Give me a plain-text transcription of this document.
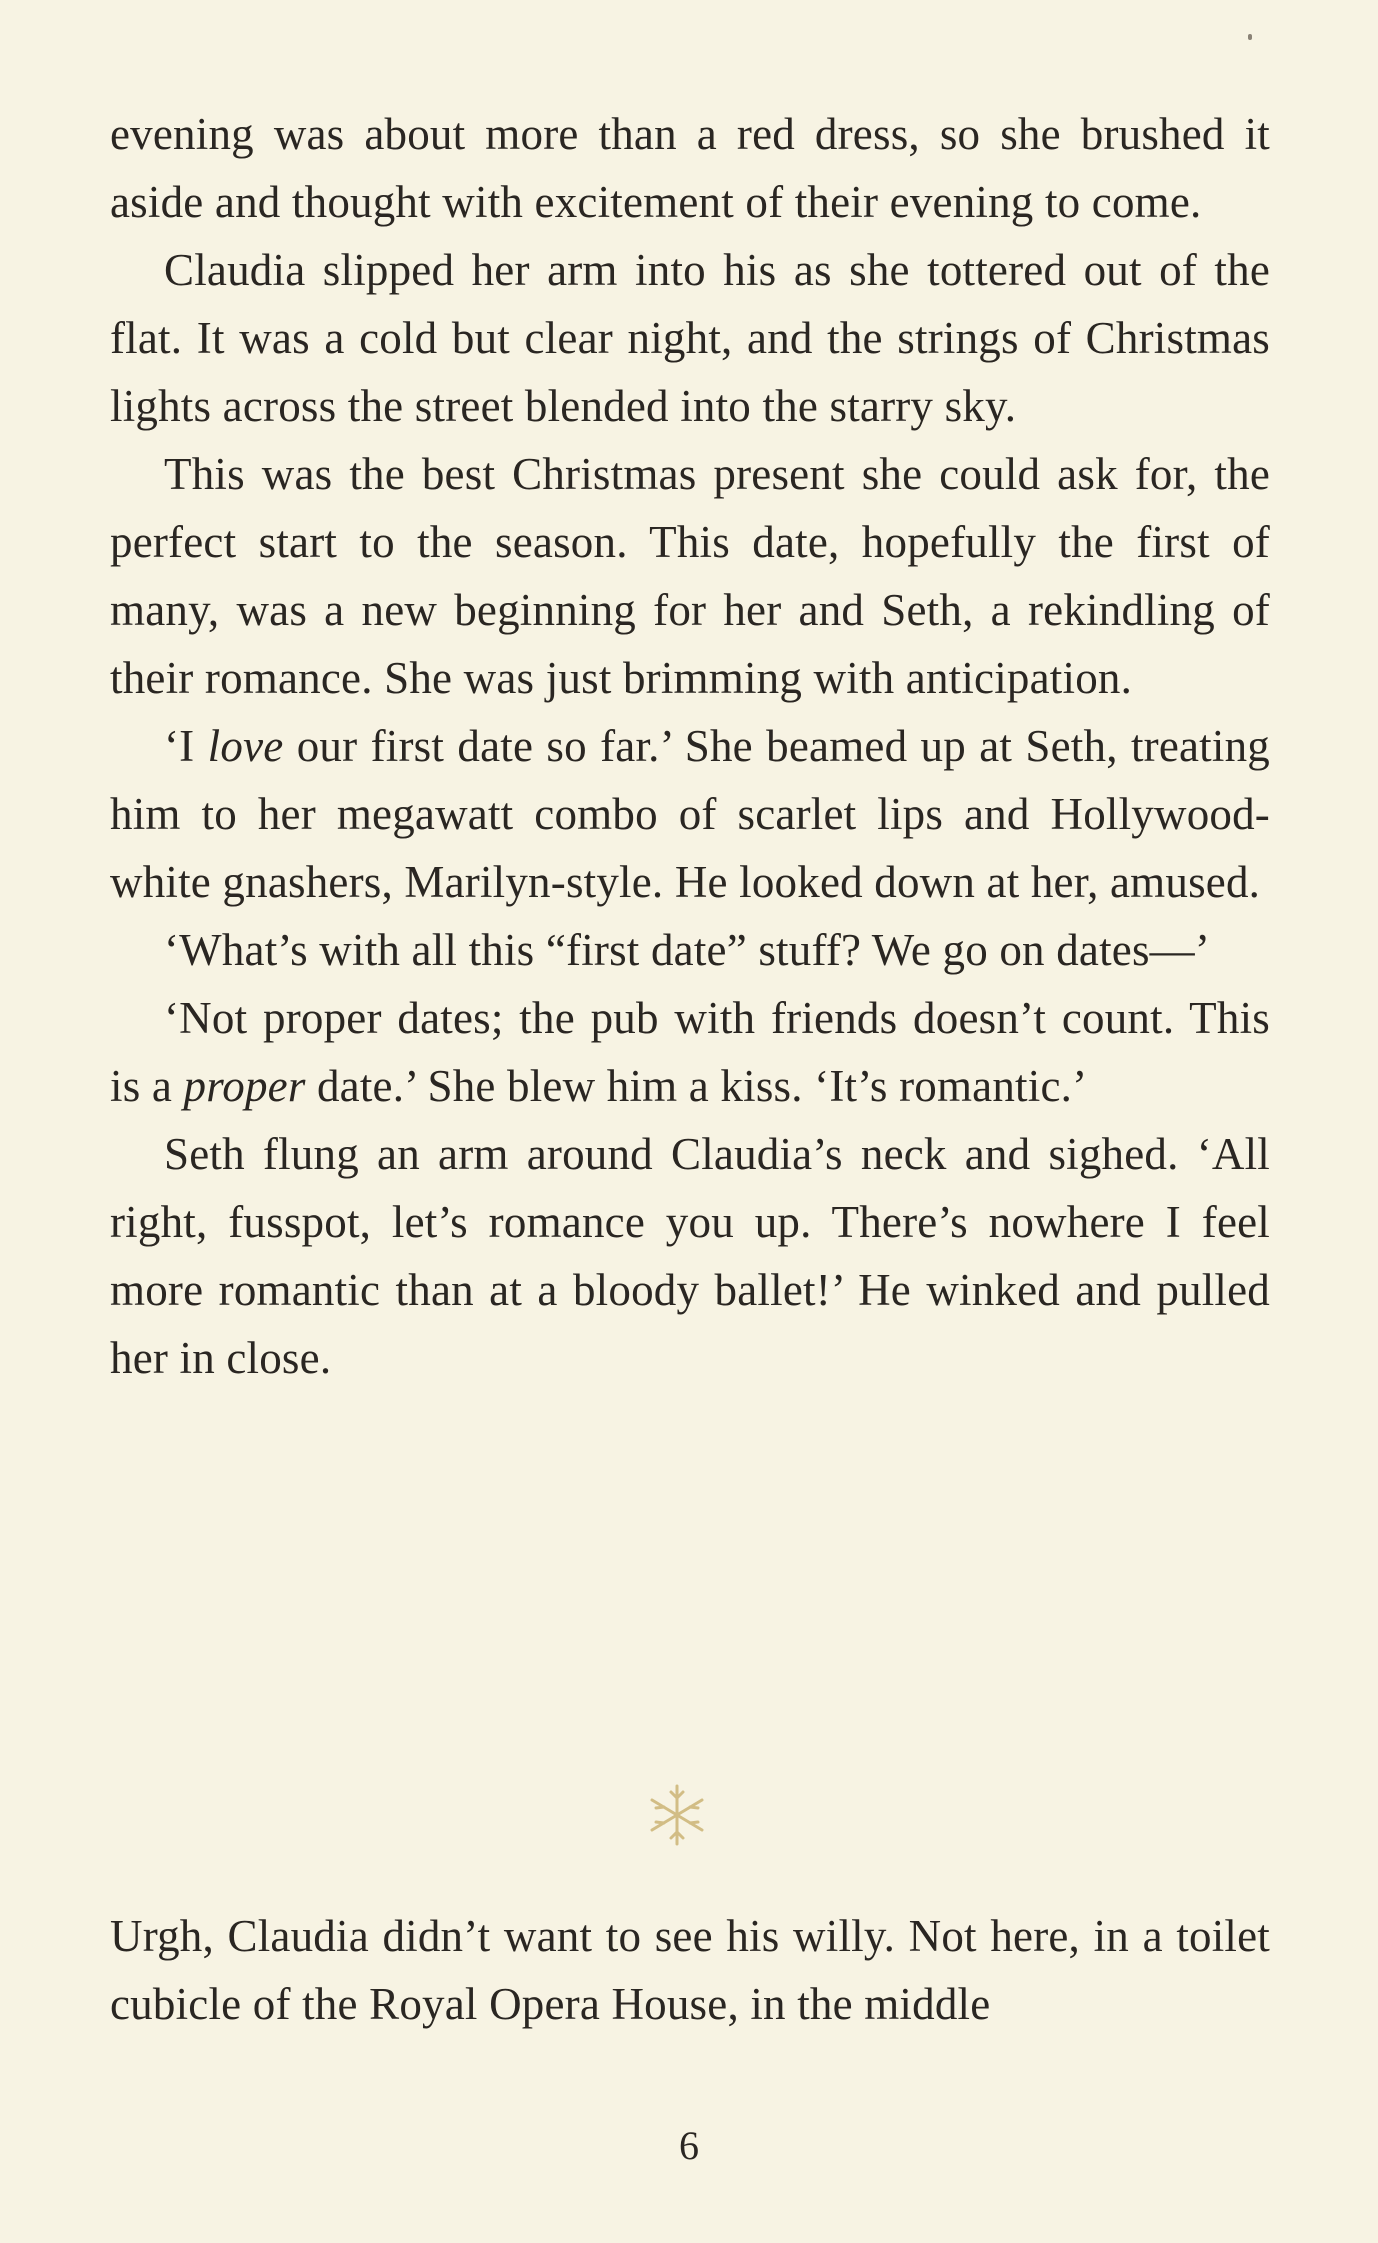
evening was about more than a red dress, so she brushed it aside and thought with excitement of their evening to come.

Claudia slipped her arm into his as she tottered out of the flat. It was a cold but clear night, and the strings of Christmas lights across the street blended into the starry sky.

This was the best Christmas present she could ask for, the perfect start to the season. This date, hopefully the first of many, was a new beginning for her and Seth, a rekindling of their romance. She was just brimming with anticipation.

‘I love our first date so far.’ She beamed up at Seth, treating him to her megawatt combo of scarlet lips and Hollywood-white gnashers, Marilyn-style. He looked down at her, amused.

‘What’s with all this “first date” stuff? We go on dates—’

‘Not proper dates; the pub with friends doesn’t count. This is a proper date.’ She blew him a kiss. ‘It’s romantic.’

Seth flung an arm around Claudia’s neck and sighed. ‘All right, fusspot, let’s romance you up. There’s nowhere I feel more romantic than at a bloody ballet!’ He winked and pulled her in close.

Urgh, Claudia didn’t want to see his willy. Not here, in a toilet cubicle of the Royal Opera House, in the middle

6
